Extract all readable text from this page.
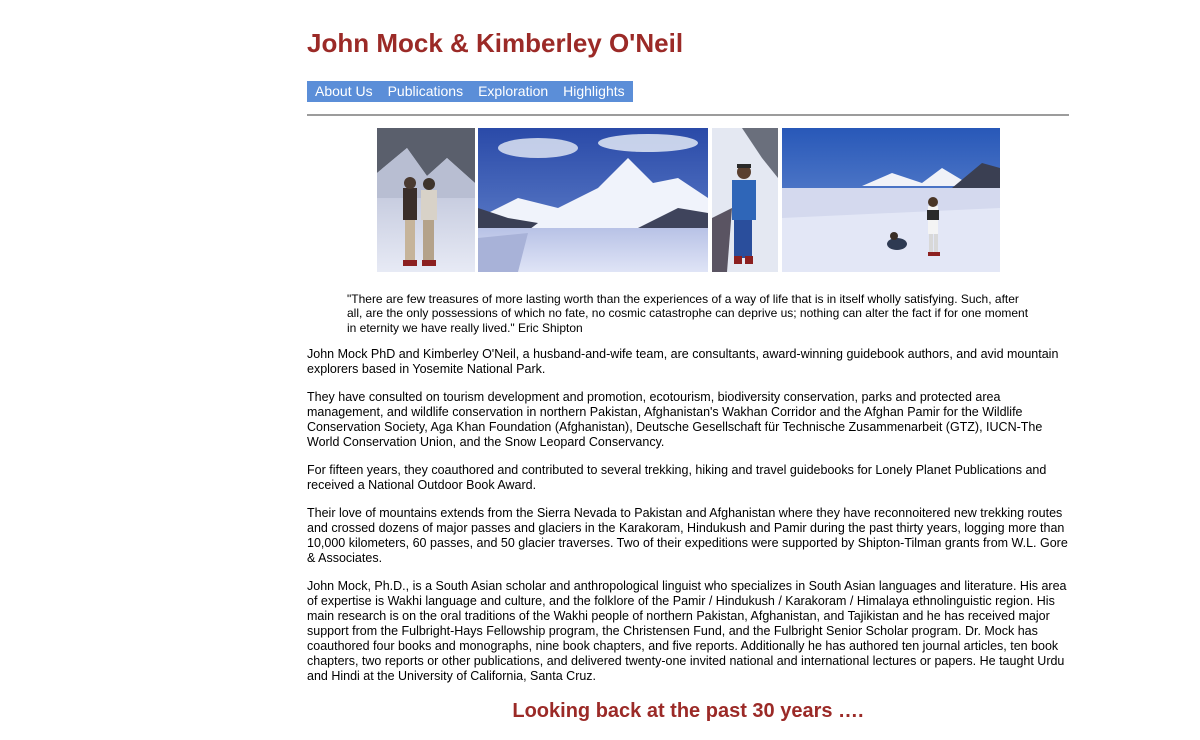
John Mock & Kimberley O'Neil
About Us Publications Exploration Highlights

"There are few treasures of more lasting worth than the experiences of a way of life that is in itself wholly satisfying. Such, after all, are the only possessions of which no fate, no cosmic catastrophe can deprive us; nothing can alter the fact if for one moment in eternity we have really lived." Eric Shipton

John Mock PhD and Kimberley O'Neil, a husband-and-wife team, are consultants, award-winning guidebook authors, and avid mountain explorers based in Yosemite National Park.

They have consulted on tourism development and promotion, ecotourism, biodiversity conservation, parks and protected area management, and wildlife conservation in northern Pakistan, Afghanistan's Wakhan Corridor and the Afghan Pamir for the Wildlife Conservation Society, Aga Khan Foundation (Afghanistan), Deutsche Gesellschaft für Technische Zusammenarbeit (GTZ), IUCN-The World Conservation Union, and the Snow Leopard Conservancy.

For fifteen years, they coauthored and contributed to several trekking, hiking and travel guidebooks for Lonely Planet Publications and received a National Outdoor Book Award.

Their love of mountains extends from the Sierra Nevada to Pakistan and Afghanistan where they have reconnoitered new trekking routes and crossed dozens of major passes and glaciers in the Karakoram, Hindukush and Pamir during the past thirty years, logging more than 10,000 kilometers, 60 passes, and 50 glacier traverses. Two of their expeditions were supported by Shipton-Tilman grants from W.L. Gore & Associates.

John Mock, Ph.D., is a South Asian scholar and anthropological linguist who specializes in South Asian languages and literature. His area of expertise is Wakhi language and culture, and the folklore of the Pamir / Hindukush / Karakoram / Himalaya ethnolinguistic region. His main research is on the oral traditions of the Wakhi people of northern Pakistan, Afghanistan, and Tajikistan and he has received major support from the Fulbright-Hays Fellowship program, the Christensen Fund, and the Fulbright Senior Scholar program. Dr. Mock has coauthored four books and monographs, nine book chapters, and five reports. Additionally he has authored ten journal articles, ten book chapters, two reports or other publications, and delivered twenty-one invited national and international lectures or papers. He taught Urdu and Hindi at the University of California, Santa Cruz.

Looking back at the past 30 years ….
